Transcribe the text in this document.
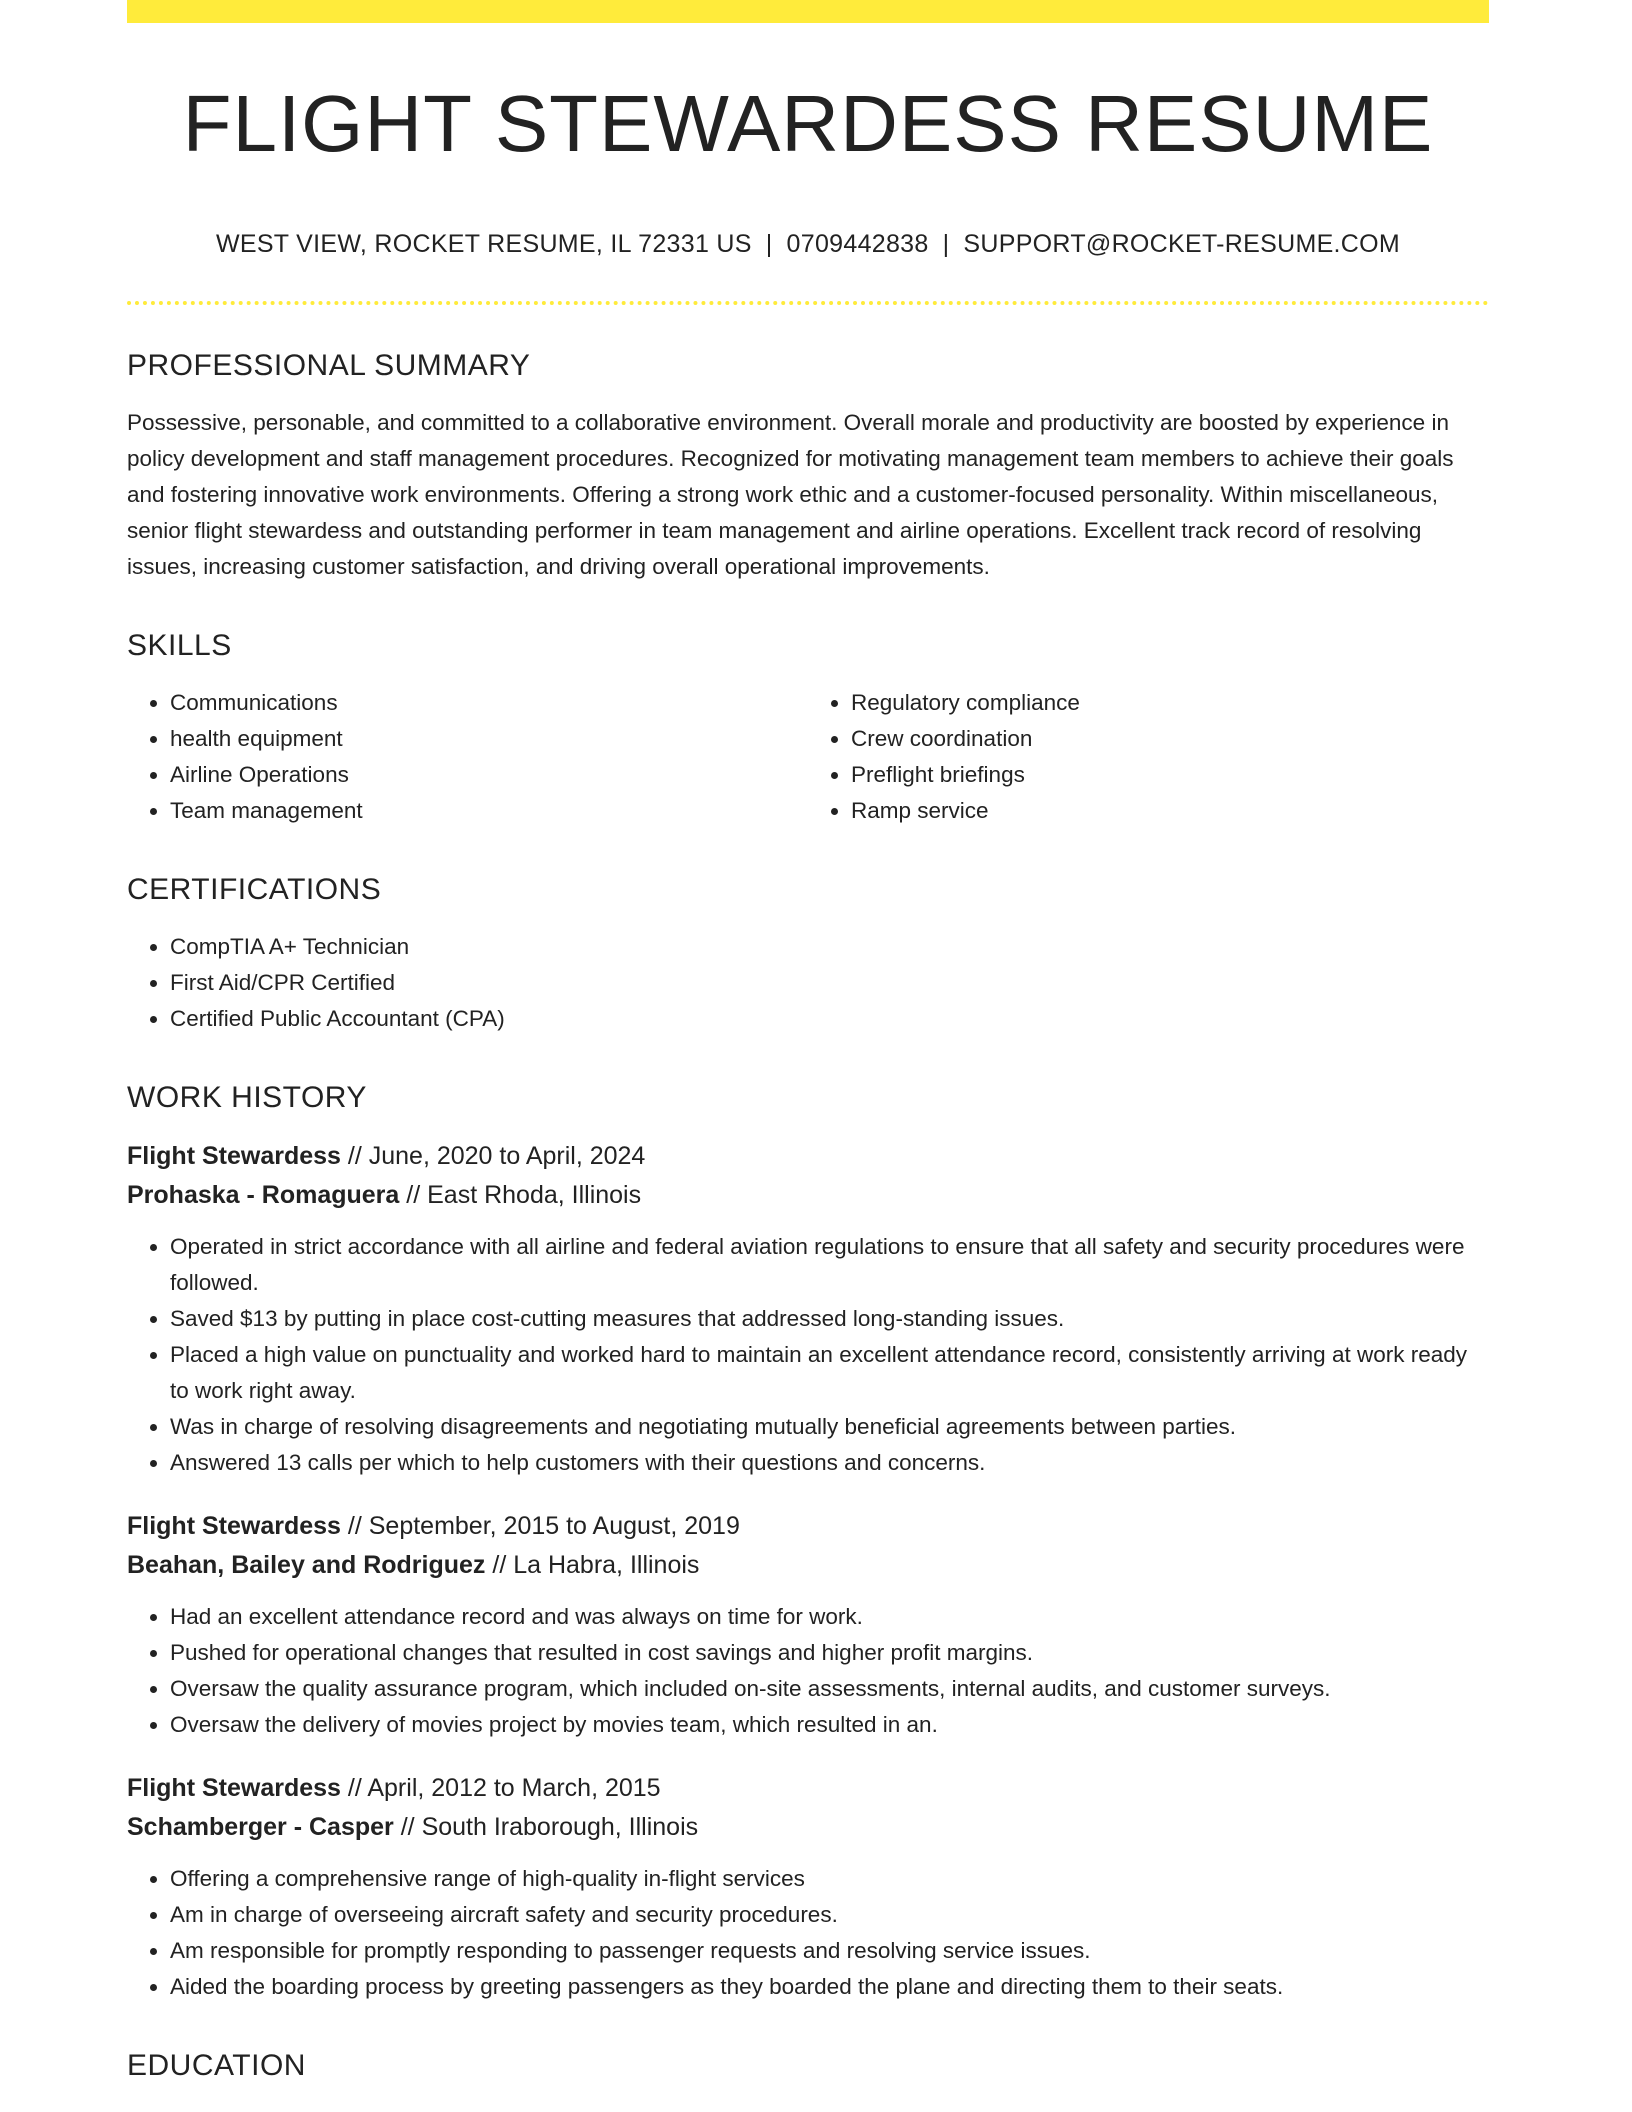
FLIGHT STEWARDESS RESUME
WEST VIEW, ROCKET RESUME, IL 72331 US | 0709442838 | SUPPORT@ROCKET-RESUME.COM
PROFESSIONAL SUMMARY

Possessive, personable, and committed to a collaborative environment. Overall morale and productivity are boosted by experience in policy development and staff management procedures. Recognized for motivating management team members to achieve their goals and fostering innovative work environments. Offering a strong work ethic and a customer-focused personality. Within miscellaneous, senior flight stewardess and outstanding performer in team management and airline operations. Excellent track record of resolving issues, increasing customer satisfaction, and driving overall operational improvements.

SKILLS
• Communications
• health equipment
• Airline Operations
• Team management
• Regulatory compliance
• Crew coordination
• Preflight briefings
• Ramp service
CERTIFICATIONS
• CompTIA A+ Technician
• First Aid/CPR Certified
• Certified Public Accountant (CPA)
WORK HISTORY
Flight Stewardess // June, 2020 to April, 2024
Prohaska - Romaguera // East Rhoda, Illinois
• Operated in strict accordance with all airline and federal aviation regulations to ensure that all safety and security procedures were followed.
• Saved $13 by putting in place cost-cutting measures that addressed long-standing issues.
• Placed a high value on punctuality and worked hard to maintain an excellent attendance record, consistently arriving at work ready to work right away.
• Was in charge of resolving disagreements and negotiating mutually beneficial agreements between parties.
• Answered 13 calls per which to help customers with their questions and concerns.
Flight Stewardess // September, 2015 to August, 2019
Beahan, Bailey and Rodriguez // La Habra, Illinois
• Had an excellent attendance record and was always on time for work.
• Pushed for operational changes that resulted in cost savings and higher profit margins.
• Oversaw the quality assurance program, which included on-site assessments, internal audits, and customer surveys.
• Oversaw the delivery of movies project by movies team, which resulted in an.
Flight Stewardess // April, 2012 to March, 2015
Schamberger - Casper // South Iraborough, Illinois
• Offering a comprehensive range of high-quality in-flight services
• Am in charge of overseeing aircraft safety and security procedures.
• Am responsible for promptly responding to passenger requests and resolving service issues.
• Aided the boarding process by greeting passengers as they boarded the plane and directing them to their seats.
EDUCATION
